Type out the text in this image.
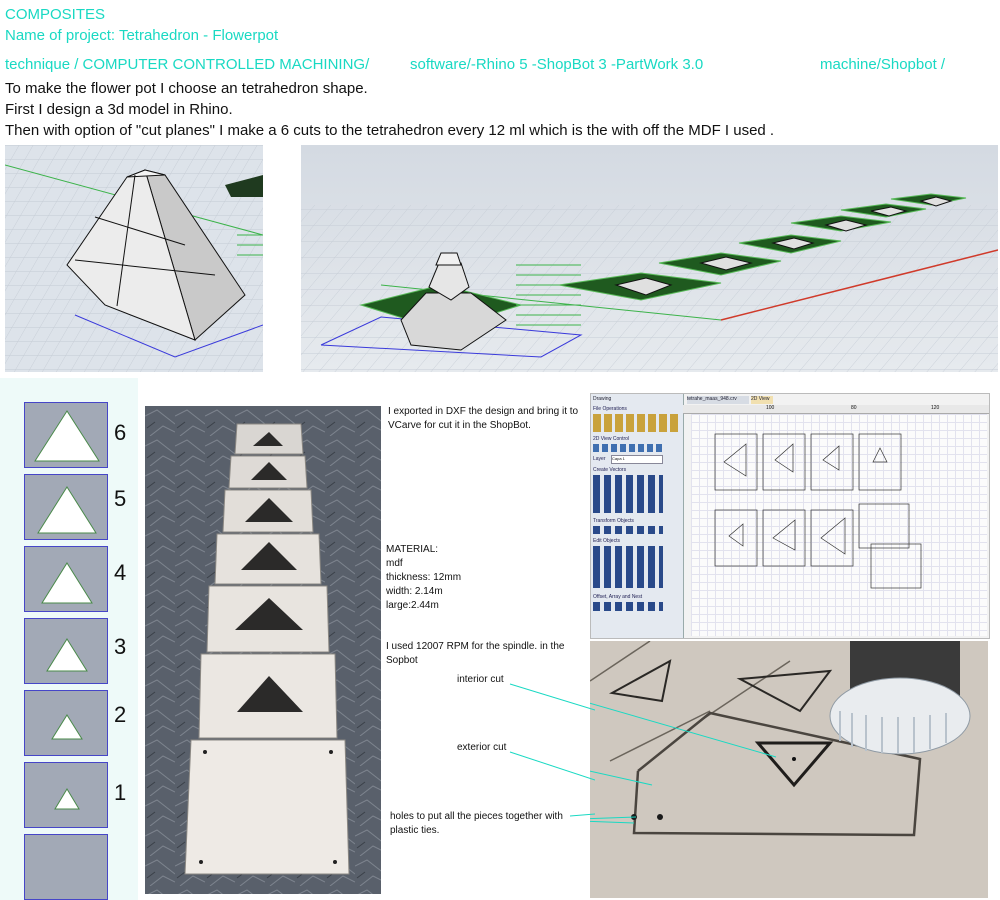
COMPOSITES
Name of project: Tetrahedron - Flowerpot
technique / COMPUTER CONTROLLED MACHINING/	software/-Rhino 5 -ShopBot 3 -PartWork 3.0	machine/Shopbot /
To make the flower pot I choose an tetrahedron shape.
First I design a 3d model in Rhino.
Then with option of "cut planes" I make a 6 cuts to the tetrahedron every 12 ml which is the with off the MDF I used .
6
5
4
3
2
1
I exported in DXF the design and bring it to VCarve for cut it in the ShopBot.
MATERIAL:
mdf
thickness: 12mm
width: 2.14m
large:2.44m
I used 12007 RPM for the spindle. in the Sopbot
Drawing
File Operations
2D View Control
Layer Capa 1
Create Vectors
Transform Objects
Edit Objects
Offset, Array and Nest
tetrahe_maas_948.crv	2D View
100	80	120
interior cut
exterior cut
holes to put all the pieces together with plastic ties.
